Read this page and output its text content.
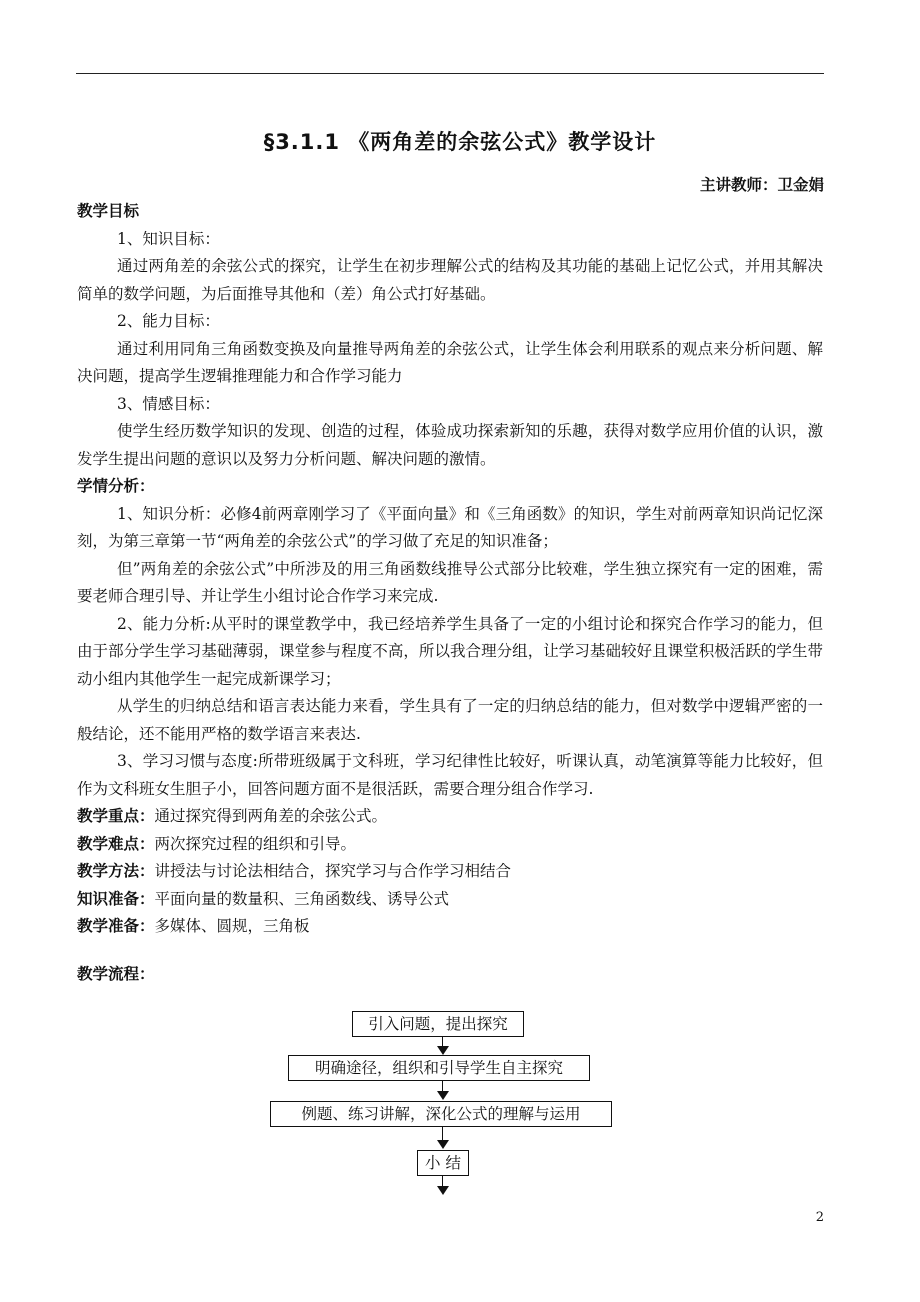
§3.1.1 《两角差的余弦公式》教学设计
主讲教师：卫金娟

教学目标

1、知识目标：

通过两角差的余弦公式的探究，让学生在初步理解公式的结构及其功能的基础上记忆公式，并用其解决简单的数学问题，为后面推导其他和（差）角公式打好基础。

2、能力目标：

通过利用同角三角函数变换及向量推导两角差的余弦公式，让学生体会利用联系的观点来分析问题、解决问题，提高学生逻辑推理能力和合作学习能力

3、情感目标：

使学生经历数学知识的发现、创造的过程，体验成功探索新知的乐趣，获得对数学应用价值的认识，激发学生提出问题的意识以及努力分析问题、解决问题的激情。

学情分析：

1、知识分析：必修4前两章刚学习了《平面向量》和《三角函数》的知识，学生对前两章知识尚记忆深刻，为第三章第一节“两角差的余弦公式”的学习做了充足的知识准备；

但”两角差的余弦公式”中所涉及的用三角函数线推导公式部分比较难，学生独立探究有一定的困难，需要老师合理引导、并让学生小组讨论合作学习来完成.

2、能力分析:从平时的课堂教学中，我已经培养学生具备了一定的小组讨论和探究合作学习的能力，但由于部分学生学习基础薄弱，课堂参与程度不高，所以我合理分组，让学习基础较好且课堂积极活跃的学生带动小组内其他学生一起完成新课学习；

从学生的归纳总结和语言表达能力来看，学生具有了一定的归纳总结的能力，但对数学中逻辑严密的一般结论，还不能用严格的数学语言来表达.

3、学习习惯与态度:所带班级属于文科班，学习纪律性比较好，听课认真，动笔演算等能力比较好，但作为文科班女生胆子小，回答问题方面不是很活跃，需要合理分组合作学习.

教学重点：通过探究得到两角差的余弦公式。

教学难点：两次探究过程的组织和引导。

教学方法：讲授法与讨论法相结合，探究学习与合作学习相结合

知识准备：平面向量的数量积、三角函数线、诱导公式

教学准备：多媒体、圆规，三角板

教学流程：

引入问题，提出探究
明确途径，组织和引导学生自主探究
例题、练习讲解，深化公式的理解与运用
小 结
2
